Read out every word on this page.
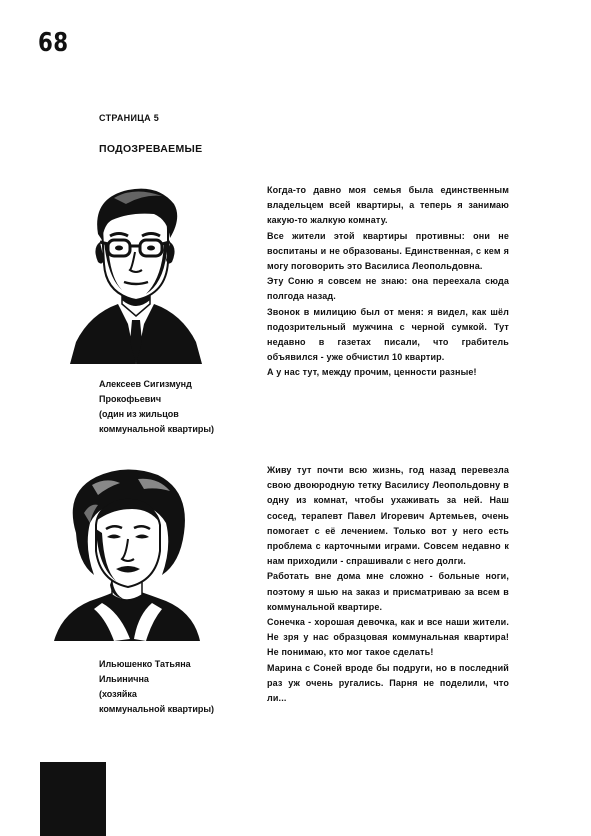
68
СТРАНИЦА 5
ПОДОЗРЕВАЕМЫЕ
Алексеев Сигизмунд
Прокофьевич
(один из жильцов
коммунальной квартиры)

Когда-то давно моя семья была единственным владельцем всей квартиры, а теперь я занимаю какую-то жалкую комнату.

Все жители этой квартиры противны: они не воспитаны и не образованы. Единственная, с кем я могу поговорить это Василиса Леопольдовна.

Эту Соню я совсем не знаю: она переехала сюда полгода назад.

Звонок в милицию был от меня: я видел, как шёл подозрительный мужчина с черной сумкой. Тут недавно в газетах писали, что грабитель объявился - уже обчистил 10 квартир.

А у нас тут, между прочим, ценности разные!

Ильюшенко Татьяна
Ильинична
(хозяйка
коммунальной квартиры)

Живу тут почти всю жизнь, год назад перевезла свою двоюродную тетку Василису Леопольдовну в одну из комнат, чтобы ухаживать за ней. Наш сосед, терапевт Павел Игоревич Артемьев, очень помогает с её лечением. Только вот у него есть проблема с карточными играми. Совсем недавно к нам приходили - спрашивали с него долги.

Работать вне дома мне сложно - больные ноги, поэтому я шью на заказ и присматриваю за всем в коммунальной квартире.

Сонечка - хорошая девочка, как и все наши жители. Не зря у нас образцовая коммунальная квартира! Не понимаю, кто мог такое сделать!

Марина с Соней вроде бы подруги, но в последний раз уж очень ругались. Парня не поделили, что ли...
